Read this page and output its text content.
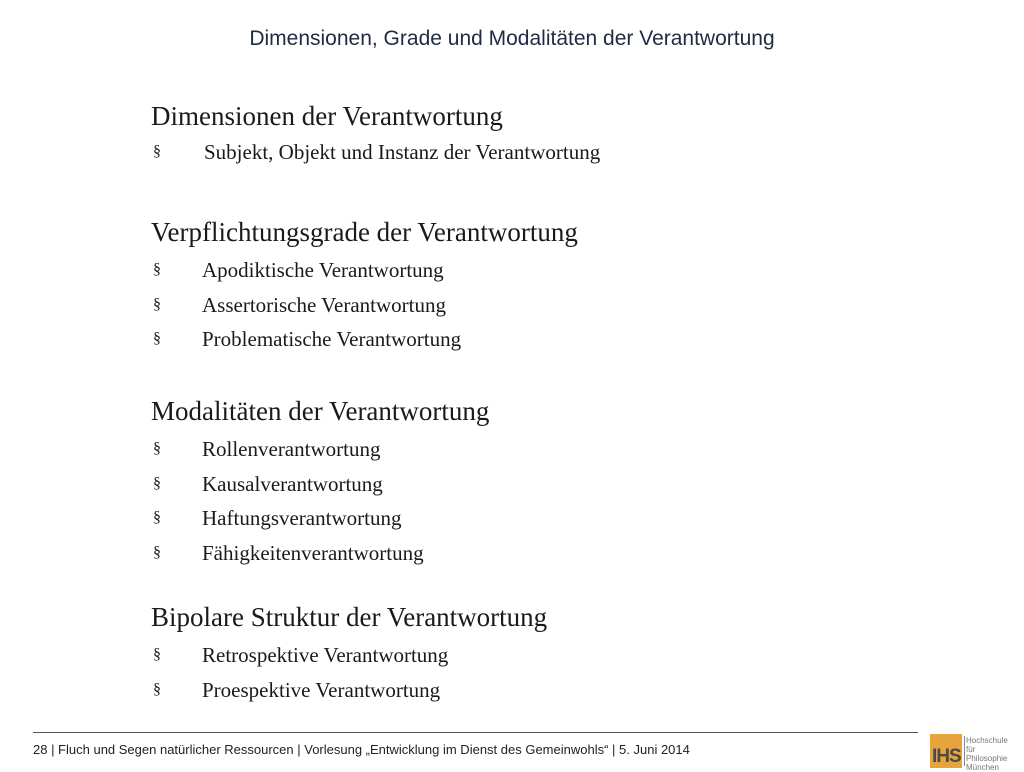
Dimensionen, Grade und Modalitäten der Verantwortung
Dimensionen der Verantwortung
§ Subjekt, Objekt und Instanz der Verantwortung
Verpflichtungsgrade der Verantwortung
§ Apodiktische Verantwortung
§ Assertorische Verantwortung
§ Problematische Verantwortung
Modalitäten der Verantwortung
§ Rollenverantwortung
§ Kausalverantwortung
§ Haftungsverantwortung
§ Fähigkeitenverantwortung
Bipolare Struktur der Verantwortung
§ Retrospektive Verantwortung
§ Proespektive Verantwortung
28 | Fluch und Segen natürlicher Ressourcen | Vorlesung „Entwicklung im Dienst des Gemeinwohls“ | 5. Juni 2014	IHS
Hochschule für
Philosophie
München
